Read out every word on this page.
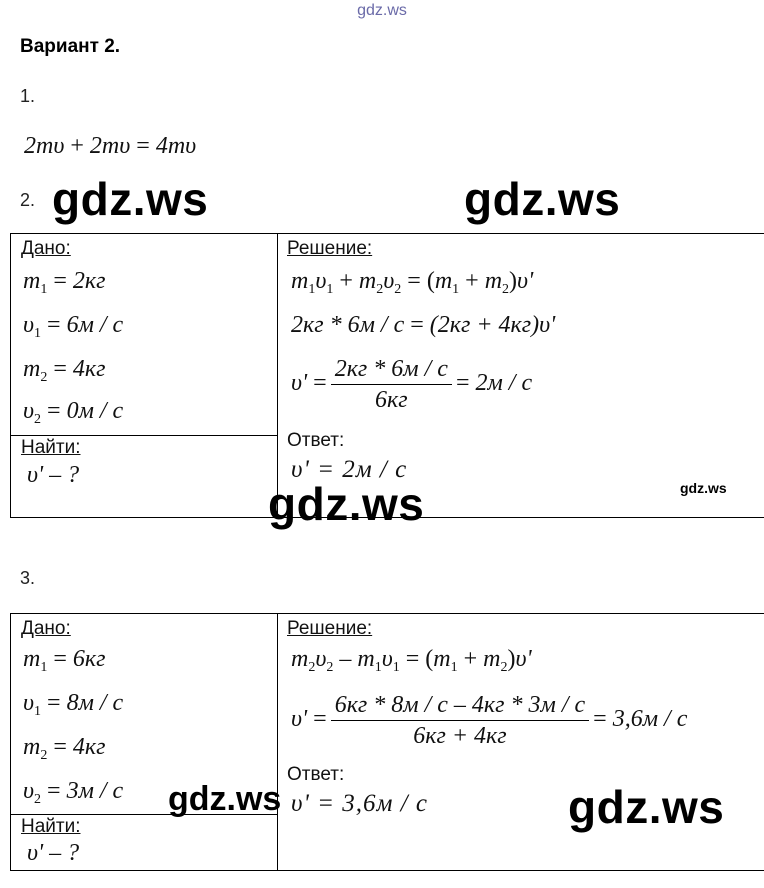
gdz.ws
Вариант 2.
1.
2mυ + 2mυ = 4mυ
2.
Дано:
$m_1 = 2кг$
$\upsilon_1 = 6м / с$
$m_2 = 4кг$
$\upsilon_2 = 0м / с$
Найти:
υ' – ?
Решение:
$m_1\upsilon_1 + m_2\upsilon_2 = (m_1 + m_2)\upsilon'$
2кг * 6м / с = (2кг + 4кг)υ'
$\upsilon' = \frac{2кг * 6м / с}{6кг} = 2м / с$
Ответ:
υ' = 2м / с
3.
Дано:
$m_1 = 6кг$
$\upsilon_1 = 8м / с$
$m_2 = 4кг$
$\upsilon_2 = 3м / с$
Найти:
υ' – ?
Решение:
$m_2\upsilon_2 - m_1\upsilon_1 = (m_1 + m_2)\upsilon'$
$\upsilon' = \frac{6кг * 8м / с - 4кг * 3м / с}{6кг + 4кг} = 3,6м / с$
Ответ:
υ' = 3,6м / с
gdz.ws	gdz.ws
gdz.ws	gdz.ws
gdz.ws	gdz.ws
